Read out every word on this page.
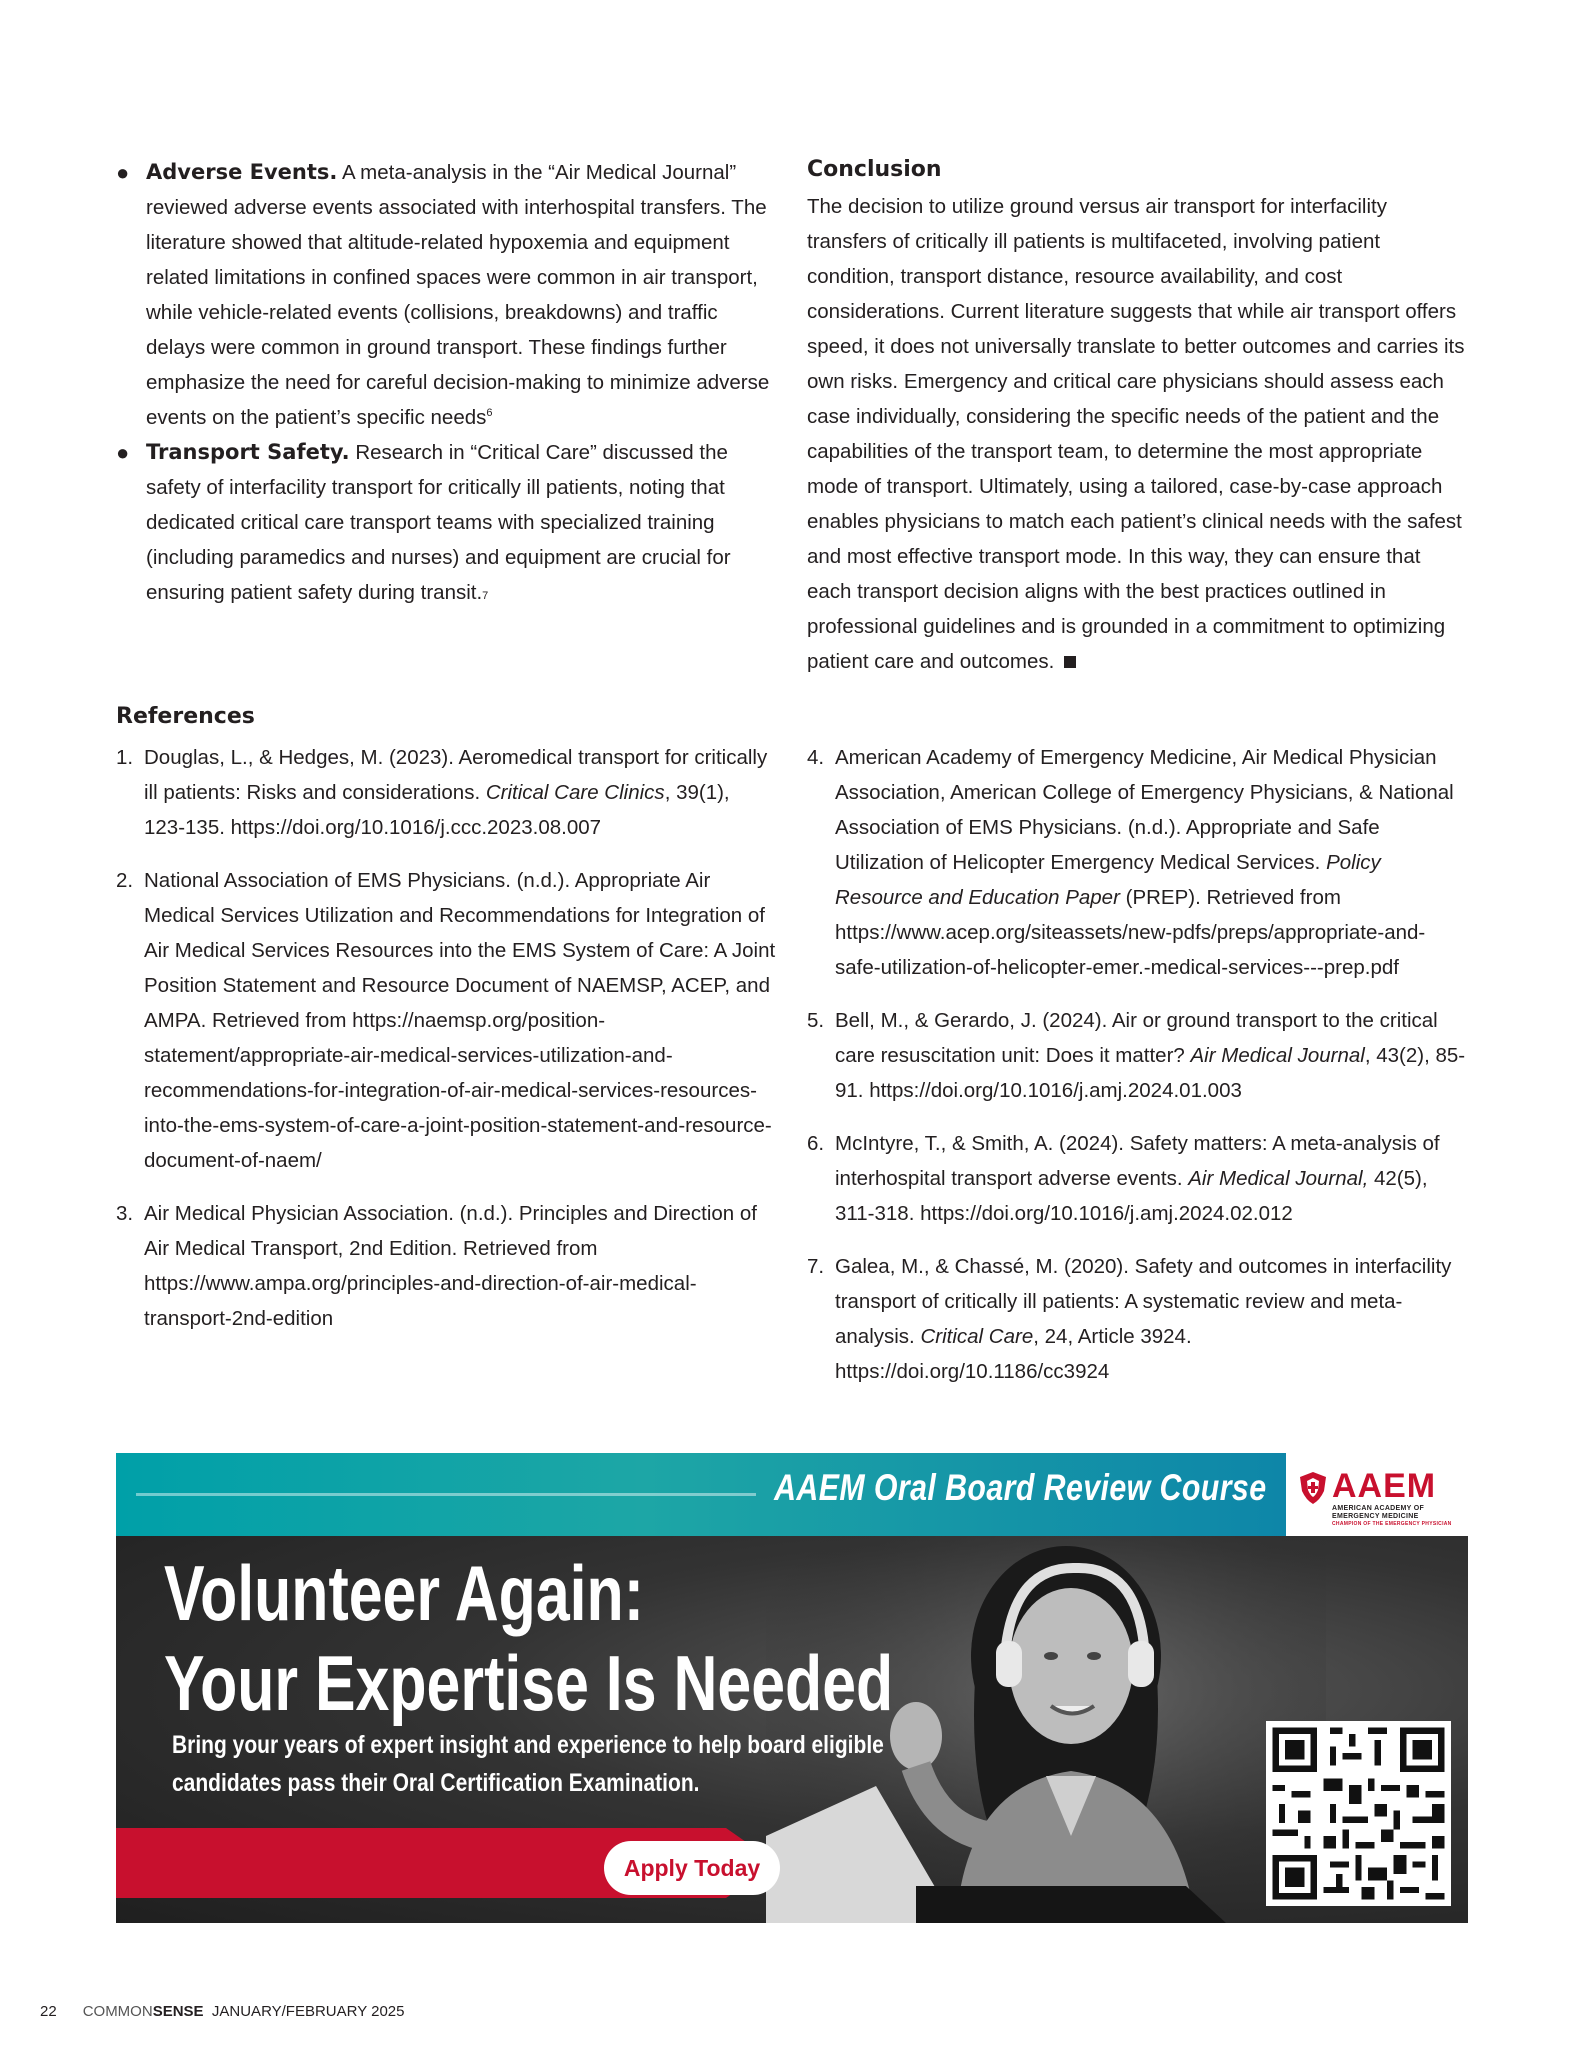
● Adverse Events. A meta-analysis in the “Air Medical Journal” reviewed adverse events associated with interhospital transfers. The literature showed that altitude-related hypoxemia and equipment related limitations in confined spaces were common in air transport, while vehicle-related events (collisions, breakdowns) and traffic delays were common in ground transport. These findings further emphasize the need for careful decision-making to minimize adverse events on the patient’s specific needs$^6$
● Transport Safety. Research in “Critical Care” discussed the safety of interfacility transport for critically ill patients, noting that dedicated critical care transport teams with specialized training (including paramedics and nurses) and equipment are crucial for ensuring patient safety during transit.7
Conclusion

The decision to utilize ground versus air transport for interfacility transfers of critically ill patients is multifaceted, involving patient condition, transport distance, resource availability, and cost considerations. Current literature suggests that while air transport offers speed, it does not universally translate to better outcomes and carries its own risks. Emergency and critical care physicians should assess each case individually, considering the specific needs of the patient and the capabilities of the transport team, to determine the most appropriate mode of transport. Ultimately, using a tailored, case-by-case approach enables physicians to match each patient’s clinical needs with the safest and most effective transport mode. In this way, they can ensure that each transport decision aligns with the best practices outlined in professional guidelines and is grounded in a commitment to optimizing patient care and outcomes.

References
1. Douglas, L., & Hedges, M. (2023). Aeromedical transport for critically ill patients: Risks and considerations. Critical Care Clinics, 39(1), 123-135. https://doi.org/10.1016/j.ccc.2023.08.007
2. National Association of EMS Physicians. (n.d.). Appropriate Air Medical Services Utilization and Recommendations for Integration of Air Medical Services Resources into the EMS System of Care: A Joint Position Statement and Resource Document of NAEMSP, ACEP, and AMPA. Retrieved from https://naemsp.org/position-statement/appropriate-air-medical-services-utilization-and-recommendations-for-integration-of-air-medical-services-resources-into-the-ems-system-of-care-a-joint-position-statement-and-resource-document-of-naem/
3. Air Medical Physician Association. (n.d.). Principles and Direction of Air Medical Transport, 2nd Edition. Retrieved from https://www.ampa.org/principles-and-direction-of-air-medical-transport-2nd-edition
4. American Academy of Emergency Medicine, Air Medical Physician Association, American College of Emergency Physicians, & National Association of EMS Physicians. (n.d.). Appropriate and Safe Utilization of Helicopter Emergency Medical Services. Policy Resource and Education Paper (PREP). Retrieved from https://www.acep.org/siteassets/new-pdfs/preps/appropriate-and-safe-utilization-of-helicopter-emer.-medical-services---prep.pdf
5. Bell, M., & Gerardo, J. (2024). Air or ground transport to the critical care resuscitation unit: Does it matter? Air Medical Journal, 43(2), 85-91. https://doi.org/10.1016/j.amj.2024.01.003
6. McIntyre, T., & Smith, A. (2024). Safety matters: A meta-analysis of interhospital transport adverse events. Air Medical Journal, 42(5), 311-318. https://doi.org/10.1016/j.amj.2024.02.012
7. Galea, M., & Chassé, M. (2020). Safety and outcomes in interfacility transport of critically ill patients: A systematic review and meta-analysis. Critical Care, 24, Article 3924. https://doi.org/10.1186/cc3924
AAEM Oral Board Review Course AAEM
AMERICAN ACADEMY OF EMERGENCY MEDICINE
CHAMPION OF THE EMERGENCY PHYSICIAN
Volunteer Again:
Your Expertise Is Needed
Bring your years of expert insight and experience to help board eligible
candidates pass their Oral Certification Examination.
Apply Today
22 COMMONSENSE JANUARY/FEBRUARY 2025
